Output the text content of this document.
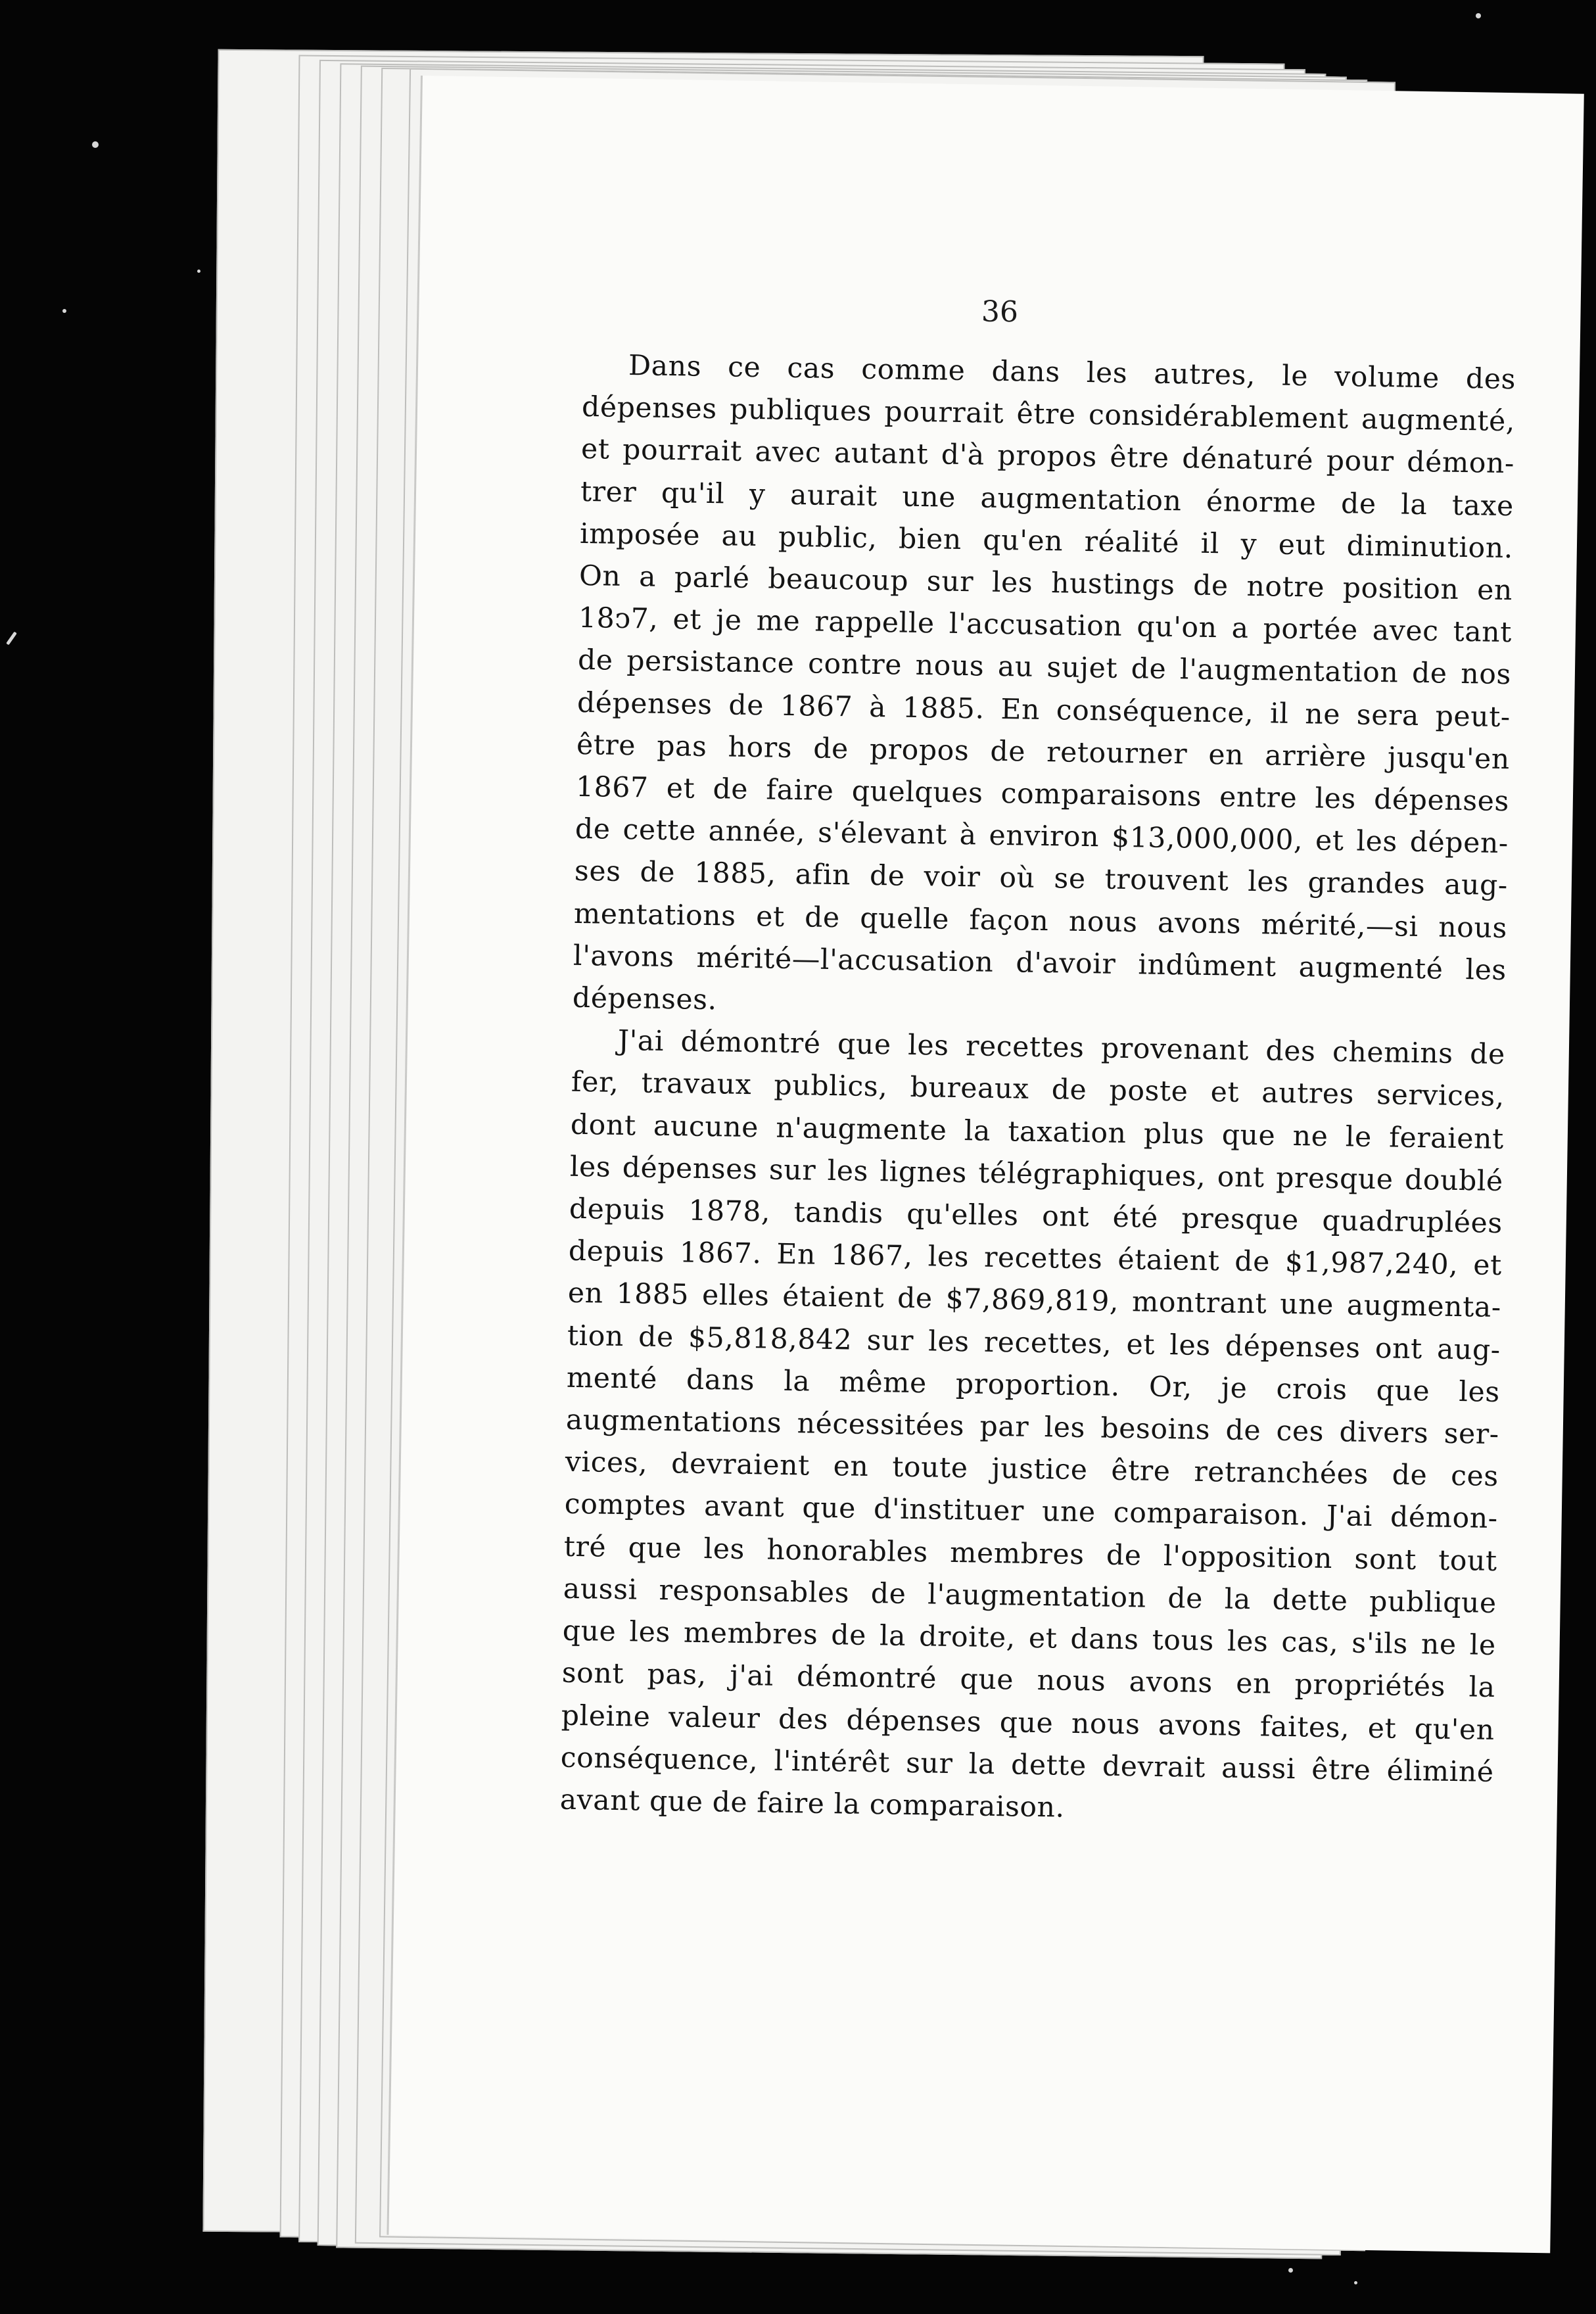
36
Dans ce cas comme dans les autres, le volume des
dépenses publiques pourrait être considérablement augmenté,
et pourrait avec autant d'à propos être dénaturé pour démon-
trer qu'il y aurait une augmentation énorme de la taxe
imposée au public, bien qu'en réalité il y eut diminution.
On a parlé beaucoup sur les hustings de notre position en
18ↄ7, et je me rappelle l'accusation qu'on a portée avec tant
de persistance contre nous au sujet de l'augmentation de nos
dépenses de 1867 à 1885. En conséquence, il ne sera peut-
être pas hors de propos de retourner en arrière jusqu'en
1867 et de faire quelques comparaisons entre les dépenses
de cette année, s'élevant à environ $13,000,000, et les dépen-
ses de 1885, afin de voir où se trouvent les grandes aug-
mentations et de quelle façon nous avons mérité,—si nous
l'avons mérité—l'accusation d'avoir indûment augmenté les
dépenses.
J'ai démontré que les recettes provenant des chemins de
fer, travaux publics, bureaux de poste et autres services,
dont aucune n'augmente la taxation plus que ne le feraient
les dépenses sur les lignes télégraphiques, ont presque doublé
depuis 1878, tandis qu'elles ont été presque quadruplées
depuis 1867. En 1867, les recettes étaient de $1,987,240, et
en 1885 elles étaient de $7,869,819, montrant une augmenta-
tion de $5,818,842 sur les recettes, et les dépenses ont aug-
menté dans la même proportion. Or, je crois que les
augmentations nécessitées par les besoins de ces divers ser-
vices, devraient en toute justice être retranchées de ces
comptes avant que d'instituer une comparaison. J'ai démon-
tré que les honorables membres de l'opposition sont tout
aussi responsables de l'augmentation de la dette publique
que les membres de la droite, et dans tous les cas, s'ils ne le
sont pas, j'ai démontré que nous avons en propriétés la
pleine valeur des dépenses que nous avons faites, et qu'en
conséquence, l'intérêt sur la dette devrait aussi être éliminé
avant que de faire la comparaison.
